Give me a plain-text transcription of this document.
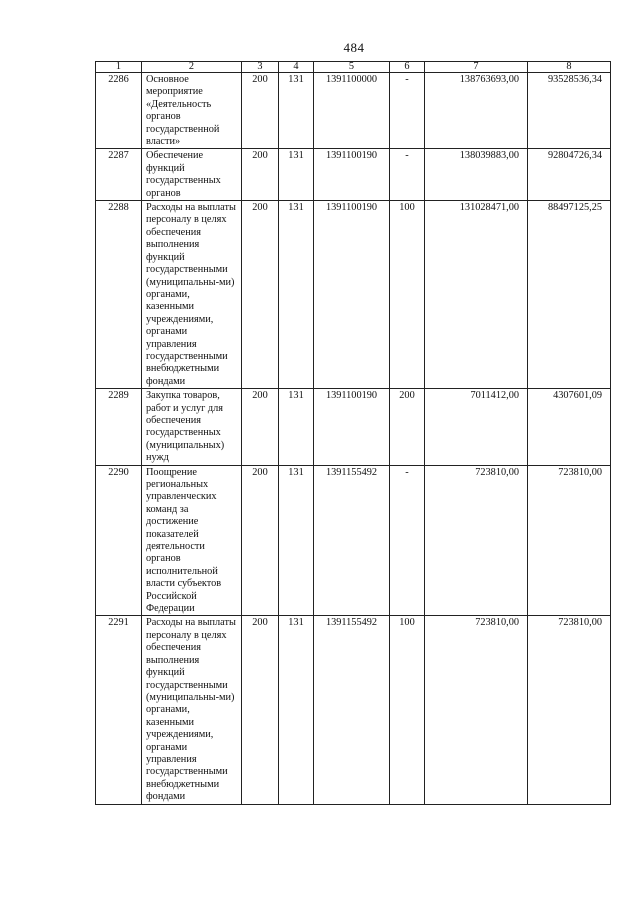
484
1	2	3	4	5	6	7	8
2286	Основное мероприятие «Деятельность органов государственной власти»	200	131	1391100000	-	138763693,00	93528536,34
2287	Обеспечение функций государственных органов	200	131	1391100190	-	138039883,00	92804726,34
2288	Расходы на выплаты персоналу в целях обеспечения выполнения функций государственными (муниципальны-ми) органами, казенными учреждениями, органами управления государственными внебюджетными фондами	200	131	1391100190	100	131028471,00	88497125,25
2289	Закупка товаров, работ и услуг для обеспечения государственных (муниципальных) нужд	200	131	1391100190	200	7011412,00	4307601,09
2290	Поощрение региональных управленческих команд за достижение показателей деятельности органов исполнительной власти субъектов Российской Федерации	200	131	1391155492	-	723810,00	723810,00
2291	Расходы на выплаты персоналу в целях обеспечения выполнения функций государственными (муниципальны-ми) органами, казенными учреждениями, органами управления государственными внебюджетными фондами	200	131	1391155492	100	723810,00	723810,00
